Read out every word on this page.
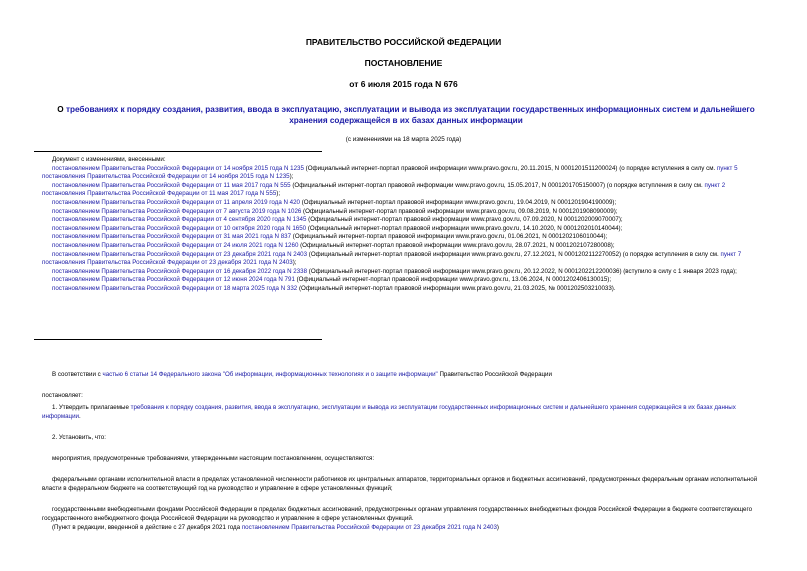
ПРАВИТЕЛЬСТВО РОССИЙСКОЙ ФЕДЕРАЦИИ
ПОСТАНОВЛЕНИЕ
от 6 июля 2015 года N 676
О требованиях к порядку создания, развития, ввода в эксплуатацию, эксплуатации и вывода из эксплуатации государственных информационных систем и дальнейшего хранения содержащейся в их базах данных информации
(с изменениями на 18 марта 2025 года)
Документ с изменениями, внесенными:
постановлением Правительства Российской Федерации от 14 ноября 2015 года N 1235 (Официальный интернет-портал правовой информации www.pravo.gov.ru, 20.11.2015, N 0001201511200024) (о порядке вступления в силу см. пункт 5 постановления Правительства Российской Федерации от 14 ноября 2015 года N 1235);
постановлением Правительства Российской Федерации от 11 мая 2017 года N 555 (Официальный интернет-портал правовой информации www.pravo.gov.ru, 15.05.2017, N 0001201705150007) (о порядке вступления в силу см. пункт 2 постановления Правительства Российской Федерации от 11 мая 2017 года N 555);
постановлением Правительства Российской Федерации от 11 апреля 2019 года N 420 (Официальный интернет-портал правовой информации www.pravo.gov.ru, 19.04.2019, N 0001201904190009);
постановлением Правительства Российской Федерации от 7 августа 2019 года N 1026 (Официальный интернет-портал правовой информации www.pravo.gov.ru, 09.08.2019, N 0001201908090009);
постановлением Правительства Российской Федерации от 4 сентября 2020 года N 1345 (Официальный интернет-портал правовой информации www.pravo.gov.ru, 07.09.2020, N 0001202009070007);
постановлением Правительства Российской Федерации от 10 октября 2020 года N 1650 (Официальный интернет-портал правовой информации www.pravo.gov.ru, 14.10.2020, N 0001202010140044);
постановлением Правительства Российской Федерации от 31 мая 2021 года N 837 (Официальный интернет-портал правовой информации www.pravo.gov.ru, 01.06.2021, N 0001202106010044);
постановлением Правительства Российской Федерации от 24 июля 2021 года N 1260 (Официальный интернет-портал правовой информации www.pravo.gov.ru, 28.07.2021, N 0001202107280008);
постановлением Правительства Российской Федерации от 23 декабря 2021 года N 2403 (Официальный интернет-портал правовой информации www.pravo.gov.ru, 27.12.2021, N 0001202112270052) (о порядке вступления в силу см. пункт 7 постановления Правительства Российской Федерации от 23 декабря 2021 года N 2403);
постановлением Правительства Российской Федерации от 16 декабря 2022 года N 2338 (Официальный интернет-портал правовой информации www.pravo.gov.ru, 20.12.2022, N 0001202212200036) (вступило в силу с 1 января 2023 года);
постановлением Правительства Российской Федерации от 12 июня 2024 года N 791 (Официальный интернет-портал правовой информации www.pravo.gov.ru, 13.06.2024, N 0001202406130015);
постановлением Правительства Российской Федерации от 18 марта 2025 года N 332 (Официальный интернет-портал правовой информации www.pravo.gov.ru, 21.03.2025, № 0001202503210033).
В соответствии с частью 6 статьи 14 Федерального закона "Об информации, информационных технологиях и о защите информации" Правительство Российской Федерации
постановляет:
1. Утвердить прилагаемые требования к порядку создания, развития, ввода в эксплуатацию, эксплуатации и вывода из эксплуатации государственных информационных систем и дальнейшего хранения содержащейся в их базах данных информации.
2. Установить, что:
мероприятия, предусмотренные требованиями, утвержденными настоящим постановлением, осуществляются:
федеральными органами исполнительной власти в пределах установленной численности работников их центральных аппаратов, территориальных органов и бюджетных ассигнований, предусмотренных федеральным органам исполнительной власти в федеральном бюджете на соответствующий год на руководство и управление в сфере установленных функций;
государственными внебюджетными фондами Российской Федерации в пределах бюджетных ассигнований, предусмотренных органам управления государственных внебюджетных фондов Российской Федерации в бюджете соответствующего государственного внебюджетного фонда Российской Федерации на руководство и управление в сфере установленных функций.
(Пункт в редакции, введенной в действие с 27 декабря 2021 года постановлением Правительства Российской Федерации от 23 декабря 2021 года N 2403)
